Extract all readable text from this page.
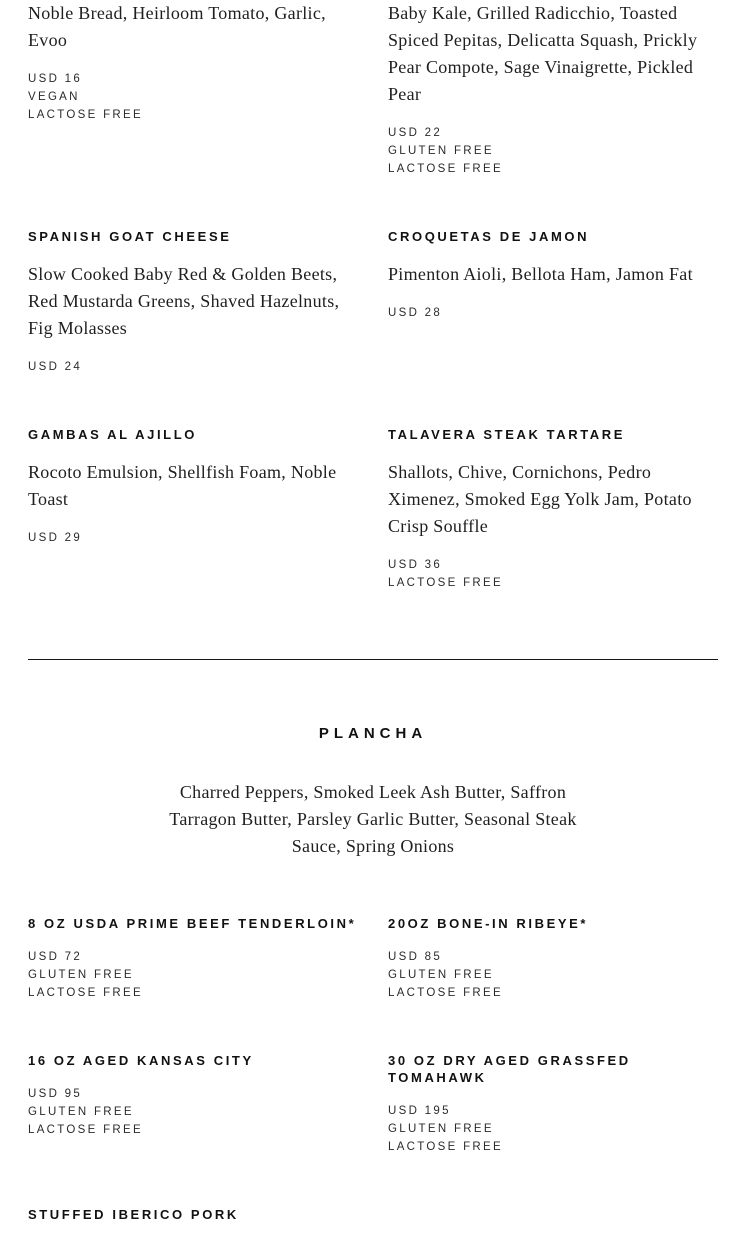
Noble Bread, Heirloom Tomato, Garlic, Evoo

USD 16
VEGAN
LACTOSE FREE

Baby Kale, Grilled Radicchio, Toasted Spiced Pepitas, Delicatta Squash, Prickly Pear Compote, Sage Vinaigrette, Pickled Pear

USD 22
GLUTEN FREE
LACTOSE FREE
SPANISH GOAT CHEESE

Slow Cooked Baby Red & Golden Beets, Red Mustarda Greens, Shaved Hazelnuts, Fig Molasses

USD 24
CROQUETAS DE JAMON

Pimenton Aioli, Bellota Ham, Jamon Fat

USD 28
GAMBAS AL AJILLO

Rocoto Emulsion, Shellfish Foam, Noble Toast

USD 29
TALAVERA STEAK TARTARE

Shallots, Chive, Cornichons, Pedro Ximenez, Smoked Egg Yolk Jam, Potato Crisp Souffle

USD 36
LACTOSE FREE
PLANCHA

Charred Peppers, Smoked Leek Ash Butter, Saffron Tarragon Butter, Parsley Garlic Butter, Seasonal Steak Sauce, Spring Onions

8 OZ USDA PRIME BEEF TENDERLOIN*
USD 72
GLUTEN FREE
LACTOSE FREE
20OZ BONE-IN RIBEYE*
USD 85
GLUTEN FREE
LACTOSE FREE
16 OZ AGED KANSAS CITY
USD 95
GLUTEN FREE
LACTOSE FREE
30 OZ DRY AGED GRASSFED TOMAHAWK
USD 195
GLUTEN FREE
LACTOSE FREE
STUFFED IBERICO PORK
